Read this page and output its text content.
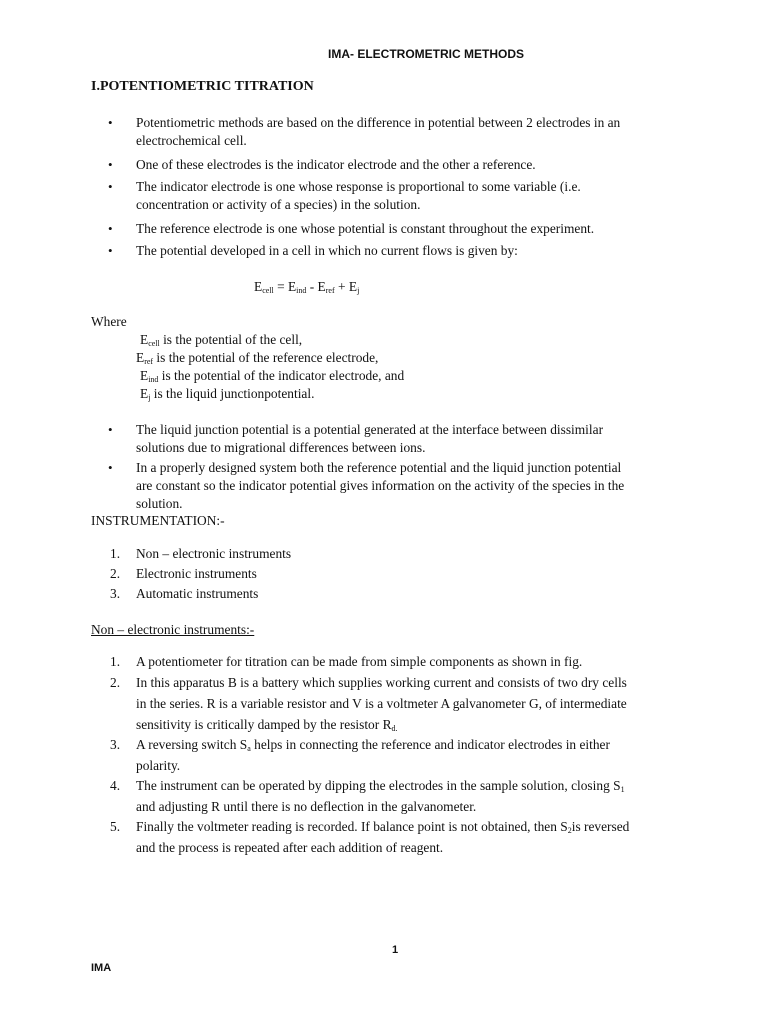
IMA- ELECTROMETRIC METHODS
I.POTENTIOMETRIC TITRATION
• Potentiometric methods are based on the difference in potential between 2 electrodes in an
electrochemical cell.
• One of these electrodes is the indicator electrode and the other a reference.
• The indicator electrode is one whose response is proportional to some variable (i.e.
concentration or activity of a species) in the solution.
• The reference electrode is one whose potential is constant throughout the experiment.
• The potential developed in a cell in which no current flows is given by:
$E_{cell} = E_{ind} - E_{ref} + E_j$
Where
$E_{cell}$ is the potential of the cell,
$E_{ref}$ is the potential of the reference electrode,
$E_{ind}$ is the potential of the indicator electrode, and
$E_j$ is the liquid junctionpotential.
• The liquid junction potential is a potential generated at the interface between dissimilar
solutions due to migrational differences between ions.
• In a properly designed system both the reference potential and the liquid junction potential
are constant so the indicator potential gives information on the activity of the species in the
solution.
INSTRUMENTATION:-
1. Non – electronic instruments
2. Electronic instruments
3. Automatic instruments
Non – electronic instruments:-
1. A potentiometer for titration can be made from simple components as shown in fig.
2. In this apparatus B is a battery which supplies working current and consists of two dry cells
in the series. R is a variable resistor and V is a voltmeter A galvanometer G, of intermediate
sensitivity is critically damped by the resistor $R_{d.}$
3. A reversing switch $S_a$ helps in connecting the reference and indicator electrodes in either
polarity.
4. The instrument can be operated by dipping the electrodes in the sample solution, closing $S_1$
and adjusting R until there is no deflection in the galvanometer.
5. Finally the voltmeter reading is recorded. If balance point is not obtained, then $S_2is$ reversed
and the process is repeated after each addition of reagent.
1
IMA
